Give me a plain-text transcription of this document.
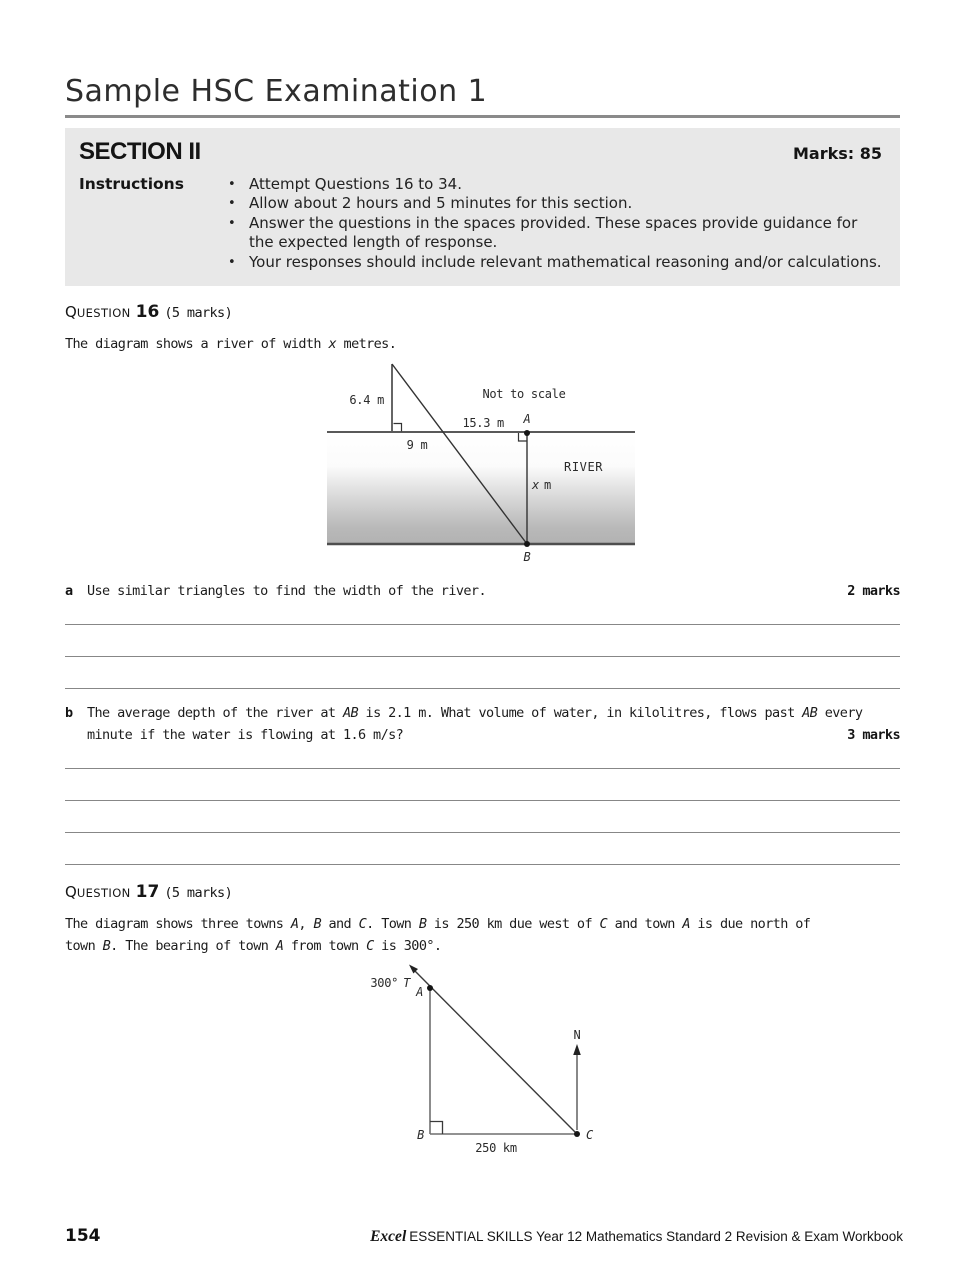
Sample HSC Examination 1
SECTION II	Marks: 85
Instructions	• Attempt Questions 16 to 34.
• Allow about 2 hours and 5 minutes for this section.
• Answer the questions in the spaces provided. These spaces provide guidance for the expected length of response.
• Your responses should include relevant mathematical reasoning and/or calculations.
QUESTION 16 (5 marks)
The diagram shows a river of width x metres.
Not to scale
6.4 m
9 m
15.3 m A
RIVER
x m
B
a	Use similar triangles to find the width of the river.	2 marks
b	The average depth of the river at AB is 2.1 m. What volume of water, in kilolitres, flows past AB every
minute if the water is flowing at 1.6 m/s?	3 marks
QUESTION 17 (5 marks)
The diagram shows three towns A, B and C. Town B is 250 km due west of C and town A is due north of
town B. The bearing of town A from town C is 300°.
300° T
A
B	C
N
250 km
154	Excel ESSENTIAL SKILLS Year 12 Mathematics Standard 2 Revision & Exam Workbook
